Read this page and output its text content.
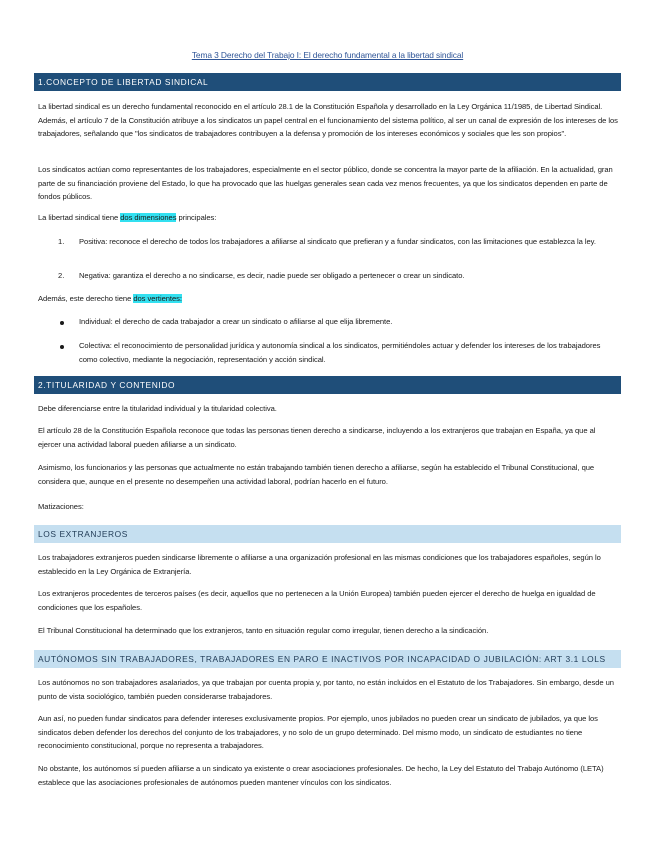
Tema 3 Derecho del Trabajo I: El derecho fundamental a la libertad sindical
1.CONCEPTO DE LIBERTAD SINDICAL

La libertad sindical es un derecho fundamental reconocido en el artículo 28.1 de la Constitución Española y desarrollado en la Ley Orgánica 11/1985, de Libertad Sindical. Además, el artículo 7 de la Constitución atribuye a los sindicatos un papel central en el funcionamiento del sistema político, al ser un canal de expresión de los intereses de los trabajadores, señalando que "los sindicatos de trabajadores contribuyen a la defensa y promoción de los intereses económicos y sociales que les son propios".

Los sindicatos actúan como representantes de los trabajadores, especialmente en el sector público, donde se concentra la mayor parte de la afiliación. En la actualidad, gran parte de su financiación proviene del Estado, lo que ha provocado que las huelgas generales sean cada vez menos frecuentes, ya que los sindicatos dependen en parte de fondos públicos.

La libertad sindical tiene dos dimensiones principales:

1. Positiva: reconoce el derecho de todos los trabajadores a afiliarse al sindicato que prefieran y a fundar sindicatos, con las limitaciones que establezca la ley.

2. Negativa: garantiza el derecho a no sindicarse, es decir, nadie puede ser obligado a pertenecer o crear un sindicato.

Además, este derecho tiene dos vertientes:

Individual: el derecho de cada trabajador a crear un sindicato o afiliarse al que elija libremente.

Colectiva: el reconocimiento de personalidad jurídica y autonomía sindical a los sindicatos, permitiéndoles actuar y defender los intereses de los trabajadores como colectivo, mediante la negociación, representación y acción sindical.

2.TITULARIDAD Y CONTENIDO

Debe diferenciarse entre la titularidad individual y la titularidad colectiva.

El artículo 28 de la Constitución Española reconoce que todas las personas tienen derecho a sindicarse, incluyendo a los extranjeros que trabajan en España, ya que al ejercer una actividad laboral pueden afiliarse a un sindicato.

Asimismo, los funcionarios y las personas que actualmente no están trabajando también tienen derecho a afiliarse, según ha establecido el Tribunal Constitucional, que considera que, aunque en el presente no desempeñen una actividad laboral, podrían hacerlo en el futuro.

Matizaciones:

LOS EXTRANJEROS

Los trabajadores extranjeros pueden sindicarse libremente o afiliarse a una organización profesional en las mismas condiciones que los trabajadores españoles, según lo establecido en la Ley Orgánica de Extranjería.

Los extranjeros procedentes de terceros países (es decir, aquellos que no pertenecen a la Unión Europea) también pueden ejercer el derecho de huelga en igualdad de condiciones que los españoles.

El Tribunal Constitucional ha determinado que los extranjeros, tanto en situación regular como irregular, tienen derecho a la sindicación.

AUTÓNOMOS SIN TRABAJADORES, TRABAJADORES EN PARO E INACTIVOS POR INCAPACIDAD O JUBILACIÓN: ART 3.1 LOLS

Los autónomos no son trabajadores asalariados, ya que trabajan por cuenta propia y, por tanto, no están incluidos en el Estatuto de los Trabajadores. Sin embargo, desde un punto de vista sociológico, también pueden considerarse trabajadores.

Aun así, no pueden fundar sindicatos para defender intereses exclusivamente propios. Por ejemplo, unos jubilados no pueden crear un sindicato de jubilados, ya que los sindicatos deben defender los derechos del conjunto de los trabajadores, y no solo de un grupo determinado. Del mismo modo, un sindicato de estudiantes no tiene reconocimiento constitucional, porque no representa a trabajadores.

No obstante, los autónomos sí pueden afiliarse a un sindicato ya existente o crear asociaciones profesionales. De hecho, la Ley del Estatuto del Trabajo Autónomo (LETA) establece que las asociaciones profesionales de autónomos pueden mantener vínculos con los sindicatos.
